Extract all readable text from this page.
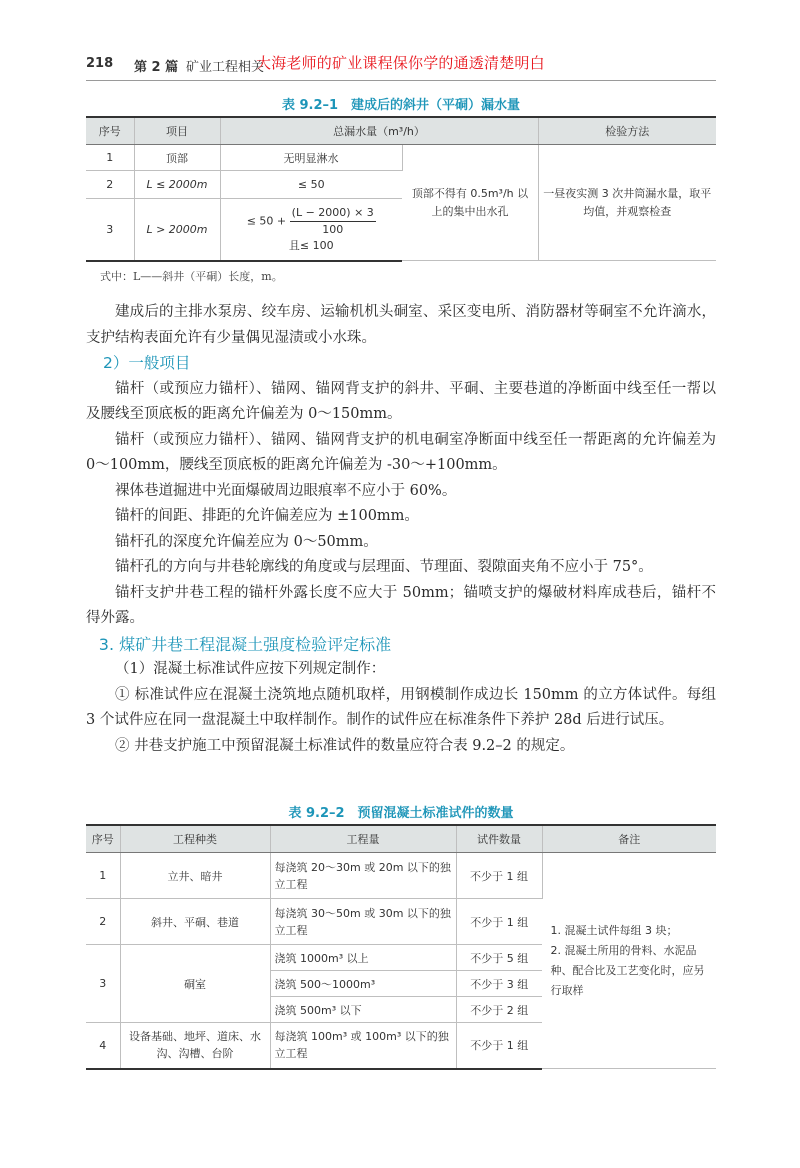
218 第 2 篇 矿业工程相关
大海老师的矿业课程保你学的通透清楚明白
表 9.2–1　建成后的斜井（平硐）漏水量
序号	项目	总漏水量（m³/h）		检验方法
1	顶部	无明显淋水	顶部不得有 0.5m³/h 以上的集中出水孔	一昼夜实测 3 次井筒漏水量，取平均值，并观察检查
2	L ≤ 2000m	≤ 50		
3	L > 2000m	≤ $50 + \frac{(L - 2000) \times 3}{100}$
且≤ 100		
式中：L——斜井（平硐）长度，m。

建成后的主排水泵房、绞车房、运输机机头硐室、采区变电所、消防器材等硐室不允许滴水，支护结构表面允许有少量偶见湿渍或小水珠。

2）一般项目

锚杆（或预应力锚杆）、锚网、锚网背支护的斜井、平硐、主要巷道的净断面中线至任一帮以及腰线至顶底板的距离允许偏差为 0～150mm。

锚杆（或预应力锚杆）、锚网、锚网背支护的机电硐室净断面中线至任一帮距离的允许偏差为 0～100mm，腰线至顶底板的距离允许偏差为 -30～+100mm。

裸体巷道掘进中光面爆破周边眼痕率不应小于 60%。

锚杆的间距、排距的允许偏差应为 ±100mm。

锚杆孔的深度允许偏差应为 0～50mm。

锚杆孔的方向与井巷轮廓线的角度或与层理面、节理面、裂隙面夹角不应小于 75°。

锚杆支护井巷工程的锚杆外露长度不应大于 50mm；锚喷支护的爆破材料库成巷后，锚杆不得外露。

3. 煤矿井巷工程混凝土强度检验评定标准

（1）混凝土标准试件应按下列规定制作：

① 标准试件应在混凝土浇筑地点随机取样，用钢模制作成边长 150mm 的立方体试件。每组 3 个试件应在同一盘混凝土中取样制作。制作的试件应在标准条件下养护 28d 后进行试压。

② 井巷支护施工中预留混凝土标准试件的数量应符合表 9.2–2 的规定。

表 9.2–2　预留混凝土标准试件的数量
序号	工程种类	工程量	试件数量	备注
1	立井、暗井	每浇筑 20～30m 或 20m 以下的独立工程	不少于 1 组	1. 混凝土试件每组 3 块；
2. 混凝土所用的骨料、水泥品种、配合比及工艺变化时，应另行取样

2	斜井、平硐、巷道	每浇筑 30～50m 或 30m 以下的独立工程	不少于 1 组	
3	硐室	浇筑 1000m³ 以上	不少于 5 组	
		浇筑 500～1000m³	不少于 3 组	
		浇筑 500m³ 以下	不少于 2 组	
4	设备基础、地坪、道床、水沟、沟槽、台阶	每浇筑 100m³ 或 100m³ 以下的独立工程	不少于 1 组	
